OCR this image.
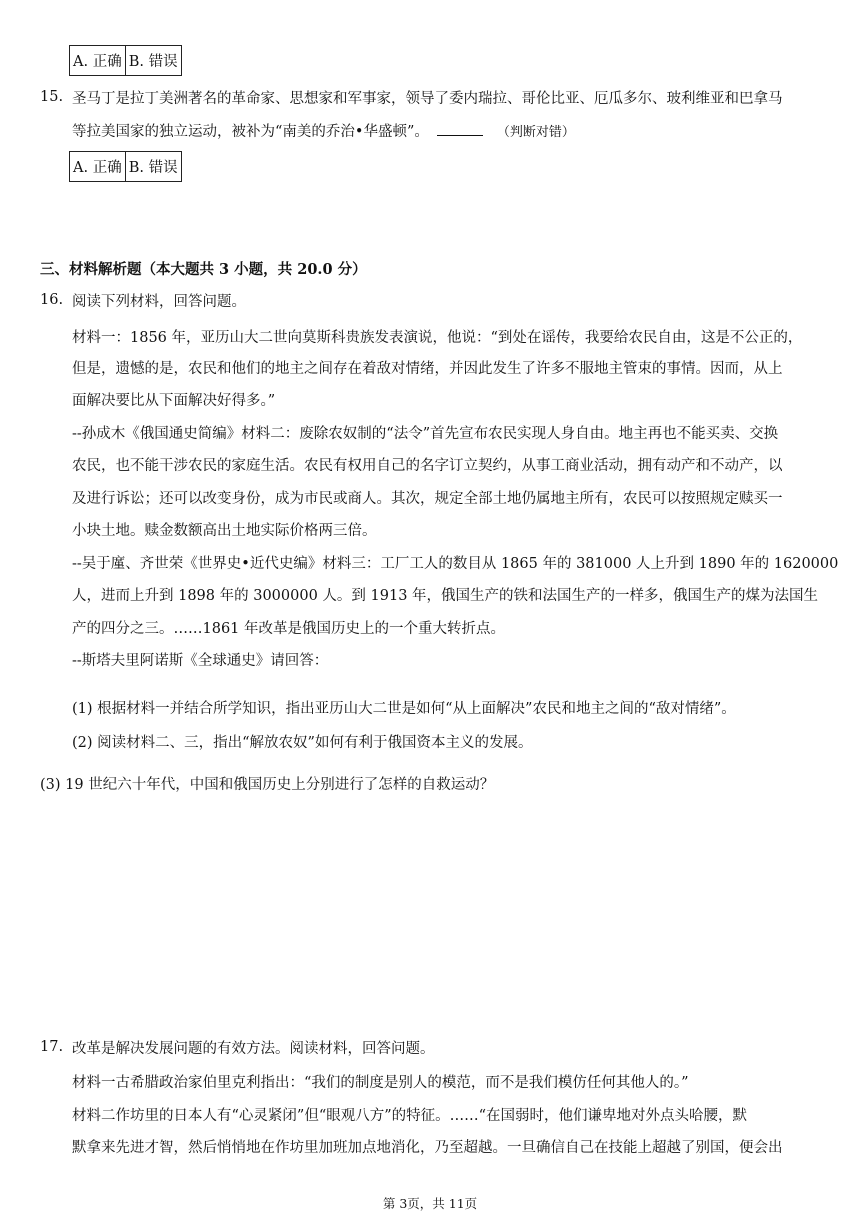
A. 正确	B. 错误
15. 圣马丁是拉丁美洲著名的革命家、思想家和军事家，领导了委内瑞拉、哥伦比亚、厄瓜多尔、玻利维亚和巴拿马
等拉美国家的独立运动，被补为“南美的乔治•华盛顿”。	（判断对错）
A. 正确	B. 错误
三、材料解析题（本大题共 3 小题，共 20.0 分）
16. 阅读下列材料，回答问题。
材料一：1856 年，亚历山大二世向莫斯科贵族发表演说，他说：“到处在谣传，我要给农民自由，这是不公正的，
但是，遗憾的是，农民和他们的地主之间存在着敌对情绪，并因此发生了许多不服地主管束的事情。因而，从上
面解决要比从下面解决好得多。”
--孙成木《俄国通史简编》材料二：废除农奴制的“法令”首先宣布农民实现人身自由。地主再也不能买卖、交换
农民，也不能干涉农民的家庭生活。农民有权用自己的名字订立契约，从事工商业活动，拥有动产和不动产，以
及进行诉讼；还可以改变身份，成为市民或商人。其次，规定全部土地仍属地主所有，农民可以按照规定赎买一
小块土地。赎金数额高出土地实际价格两三倍。
--吴于廑、齐世荣《世界史•近代史编》材料三：工厂工人的数目从 1865 年的 381000 人上升到 1890 年的 1620000
人，进而上升到 1898 年的 3000000 人。到 1913 年，俄国生产的铁和法国生产的一样多，俄国生产的煤为法国生
产的四分之三。……1861 年改革是俄国历史上的一个重大转折点。
--斯塔夫里阿诺斯《全球通史》请回答：
(1) 根据材料一并结合所学知识，指出亚历山大二世是如何“从上面解决”农民和地主之间的“敌对情绪”。
(2) 阅读材料二、三，指出“解放农奴”如何有利于俄国资本主义的发展。
(3) 19 世纪六十年代，中国和俄国历史上分别进行了怎样的自救运动？
17. 改革是解决发展问题的有效方法。阅读材料，回答问题。
材料一古希腊政治家伯里克利指出：“我们的制度是别人的模范，而不是我们模仿任何其他人的。”
材料二作坊里的日本人有“心灵紧闭”但“眼观八方”的特征。……“在国弱时，他们谦卑地对外点头哈腰，默
默拿来先进才智，然后悄悄地在作坊里加班加点地消化，乃至超越。一旦确信自己在技能上超越了别国，便会出
第 3页，共 11页
